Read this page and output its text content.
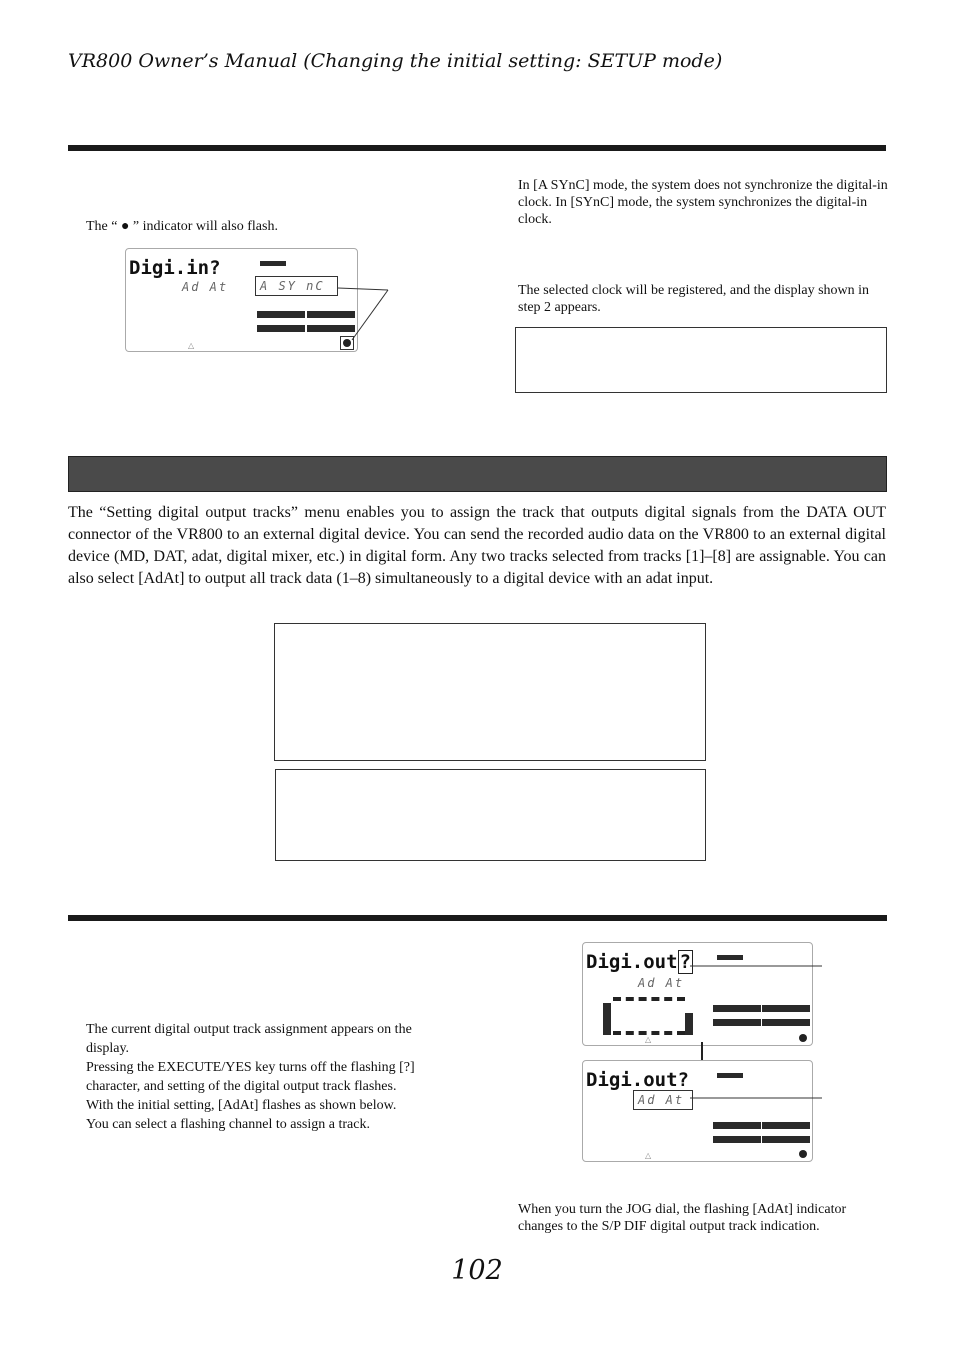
VR800 Owner’s Manual (Changing the initial setting: SETUP mode)
The “ ● ” indicator will also flash.
Digi.in?
Ad At	A SY nC
△
In [A SYnC] mode, the system does not synchronize the digital-in clock. In [SYnC] mode, the system synchronizes the digital-in clock.
The selected clock will be registered, and the display shown in step 2 appears.
The “Setting digital output tracks” menu enables you to assign the track that outputs digital signals from the DATA OUT connector of the VR800 to an external digital device. You can send the recorded audio data on the VR800 to an external digital device (MD, DAT, adat, digital mixer, etc.) in digital form. Any two tracks selected from tracks [1]–[8] are assignable. You can also select [AdAt] to output all track data (1–8) simultaneously to a digital device with an adat input.
The current digital output track assignment appears on the display.
Pressing the EXECUTE/YES key turns off the flashing [?] character, and setting of the digital output track flashes.
With the initial setting, [AdAt] flashes as shown below.
You can select a flashing channel to assign a track.
Digi.out ?
Ad At
△
Digi.out?
Ad At
△
When you turn the JOG dial, the flashing [AdAt] indicator changes to the S/P DIF digital output track indication.
102
